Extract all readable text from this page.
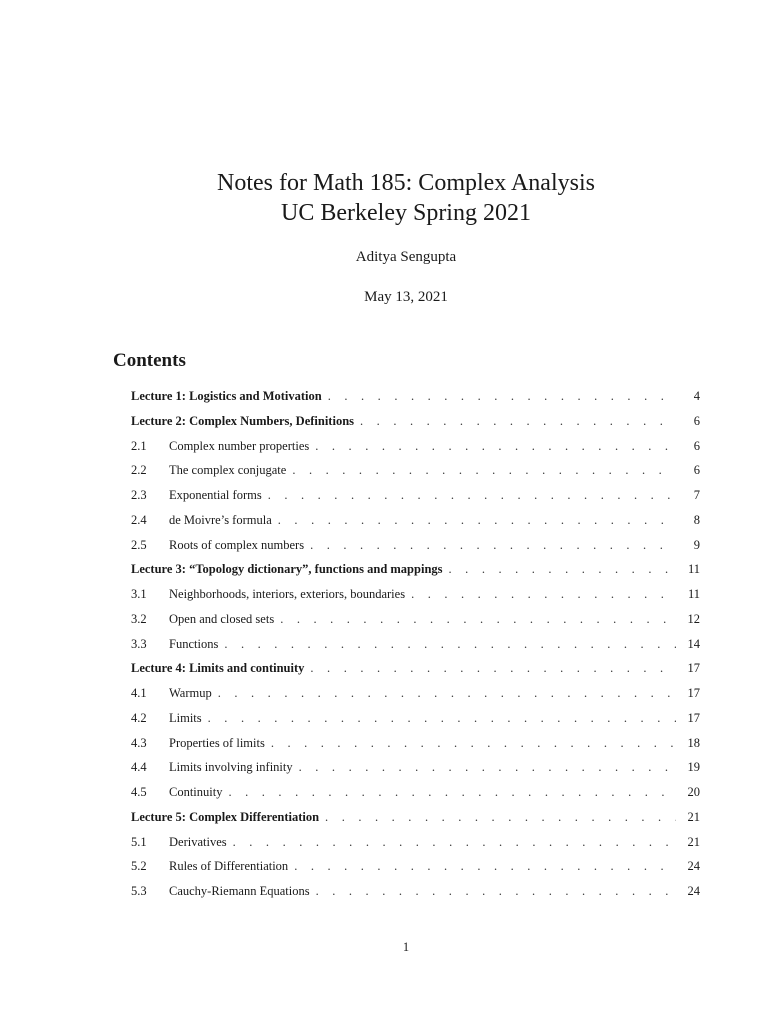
Notes for Math 185: Complex Analysis
UC Berkeley Spring 2021
Aditya Sengupta
May 13, 2021
Contents
Lecture 1: Logistics and Motivation . . .	4
Lecture 2: Complex Numbers, Definitions . . .	6
2.1	Complex number properties . . .	6
2.2	The complex conjugate . . .	6
2.3	Exponential forms . . .	7
2.4	de Moivre’s formula . . .	8
2.5	Roots of complex numbers . . .	9
Lecture 3: “Topology dictionary”, functions and mappings . . .	11
3.1	Neighborhoods, interiors, exteriors, boundaries . . .	11
3.2	Open and closed sets . . .	12
3.3	Functions . . .	14
Lecture 4: Limits and continuity . . .	17
4.1	Warmup . . .	17
4.2	Limits . . .	17
4.3	Properties of limits . . .	18
4.4	Limits involving infinity . . .	19
4.5	Continuity . . .	20
Lecture 5: Complex Differentiation . . .	21
5.1	Derivatives . . .	21
5.2	Rules of Differentiation . . .	24
5.3	Cauchy-Riemann Equations . . .	24
1
